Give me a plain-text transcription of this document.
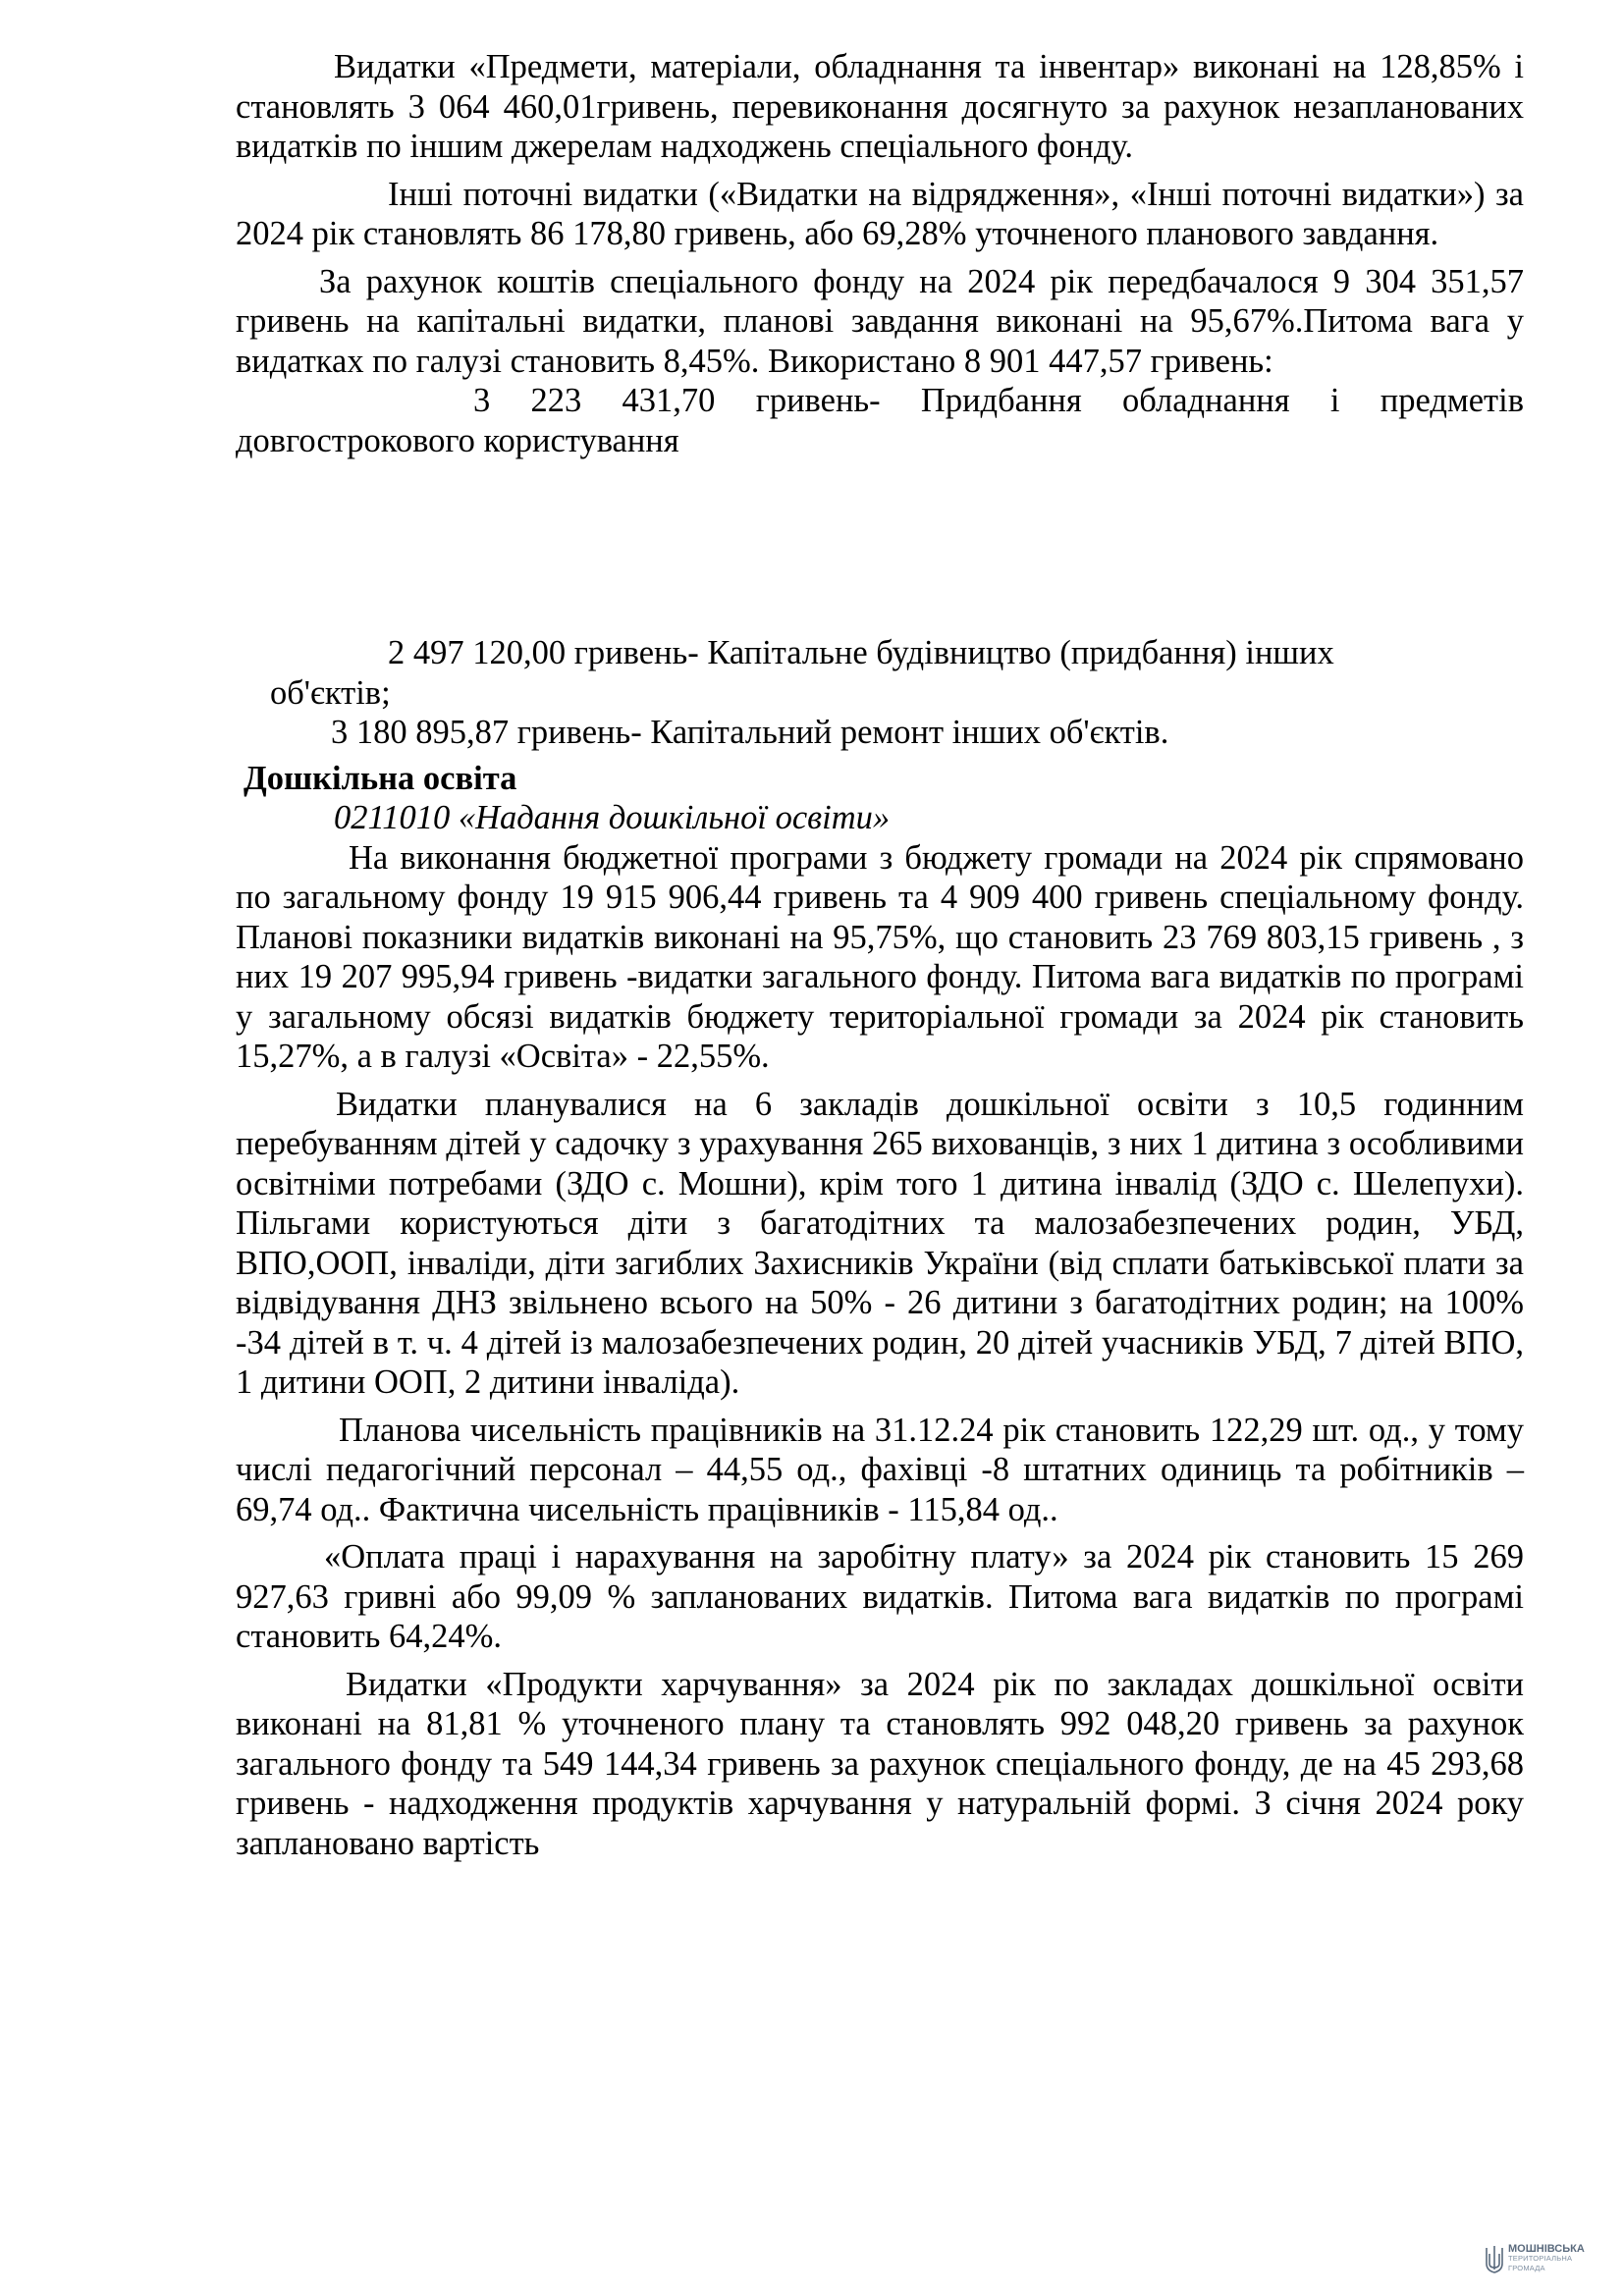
Видатки «Предмети, матеріали, обладнання та інвентар» виконані на 128,85% і становлять 3 064 460,01гривень, перевиконання досягнуто за рахунок незапланованих видатків по іншим джерелам надходжень спеціального фонду.

Інші поточні видатки («Видатки на відрядження», «Інші поточні видатки») за 2024 рік становлять 86 178,80 гривень, або 69,28% уточненого планового завдання.

За рахунок коштів спеціального фонду на 2024 рік передбачалося 9 304 351,57 гривень на капітальні видатки, планові завдання виконані на 95,67%.Питома вага у видатках по галузі становить 8,45%. Використано 8 901 447,57 гривень:

3 223 431,70 гривень- Придбання обладнання і предметів довгострокового користування

2 497 120,00 гривень- Капітальне будівництво (придбання) інших
об'єктів;

3 180 895,87 гривень- Капітальний ремонт інших об'єктів.

Дошкільна освіта

0211010 «Надання дошкільної освіти»

На виконання бюджетної програми з бюджету громади на 2024 рік спрямовано по загальному фонду 19 915 906,44 гривень та 4 909 400 гривень спеціальному фонду. Планові показники видатків виконані на 95,75%, що становить 23 769 803,15 гривень , з них 19 207 995,94 гривень -видатки загального фонду. Питома вага видатків по програмі у загальному обсязі видатків бюджету територіальної громади за 2024 рік становить 15,27%, а в галузі «Освіта» - 22,55%.

Видатки планувалися на 6 закладів дошкільної освіти з 10,5 годинним перебуванням дітей у садочку з урахування 265 вихованців, з них 1 дитина з особливими освітніми потребами (ЗДО с. Мошни), крім того 1 дитина інвалід (ЗДО с. Шелепухи). Пільгами користуються діти з багатодітних та малозабезпечених родин, УБД, ВПО,ООП, інваліди, діти загиблих Захисників України (від сплати батьківської плати за відвідування ДНЗ звільнено всього на 50% - 26 дитини з багатодітних родин; на 100% -34 дітей в т. ч. 4 дітей із малозабезпечених родин, 20 дітей учасників УБД, 7 дітей ВПО, 1 дитини ООП, 2 дитини інваліда).

Планова чисельність працівників на 31.12.24 рік становить 122,29 шт. од., у тому числі педагогічний персонал – 44,55 од., фахівці -8 штатних одиниць та робітників – 69,74 од.. Фактична чисельність працівників - 115,84 од..

«Оплата праці і нарахування на заробітну плату» за 2024 рік становить 15 269 927,63 гривні або 99,09 % запланованих видатків. Питома вага видатків по програмі становить 64,24%.

Видатки «Продукти харчування» за 2024 рік по закладах дошкільної освіти виконані на 81,81 % уточненого плану та становлять 992 048,20 гривень за рахунок загального фонду та 549 144,34 гривень за рахунок спеціального фонду, де на 45 293,68 гривень - надходження продуктів харчування у натуральній формі. З січня 2024 року заплановано вартість

МОШНІВСЬКА
ТЕРИТОРІАЛЬНА
ГРОМАДА
